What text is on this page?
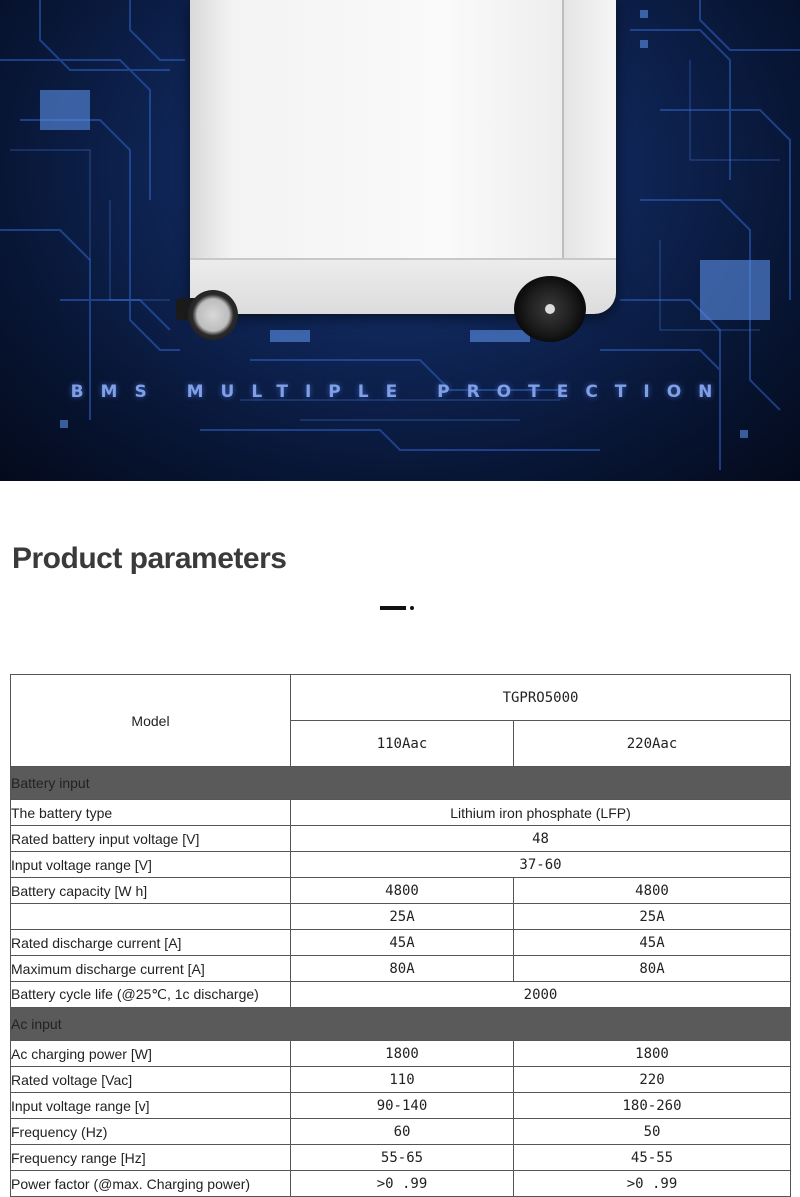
BMS MULTIPLE PROTECTION
Product parameters
Model	TGPRO5000	
	110Aac	220Aac
Battery input		
The battery type	Lithium iron phosphate (LFP)	
Rated battery input voltage [V]	48	
Input voltage range [V]	37-60	
Battery capacity [W h]	4800	4800
	25A	25A
Rated discharge current [A]	45A	45A
Maximum discharge current [A]	80A	80A
Battery cycle life (@25℃, 1c discharge)	2000	
Ac input		
Ac charging power [W]	1800	1800
Rated voltage [Vac]	110	220
Input voltage range [v]	90-140	180-260
Frequency (Hz)	60	50
Frequency range [Hz]	55-65	45-55
Power factor (@max. Charging power)	>0 .99	>0 .99
